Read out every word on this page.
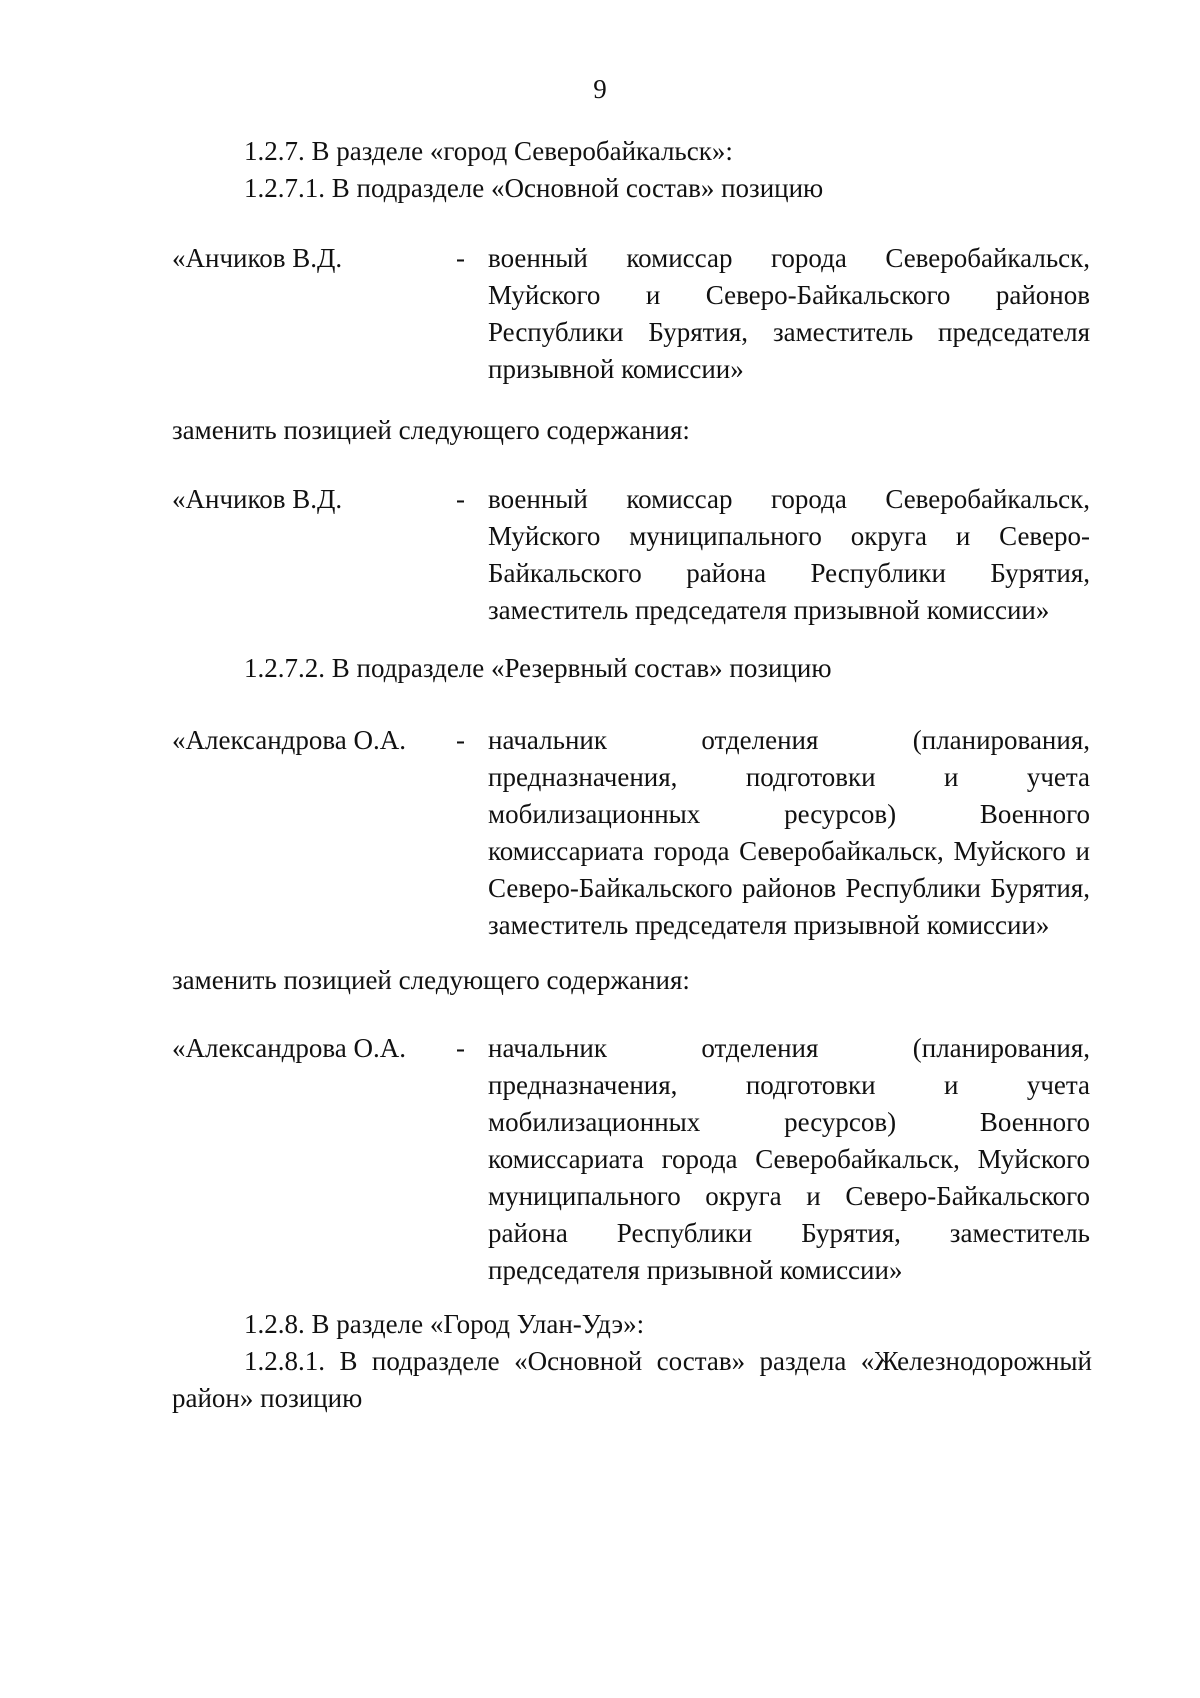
9

1.2.7. В разделе «город Северобайкальск»:

1.2.7.1. В подразделе «Основной состав» позицию

«Анчиков В.Д.	- военный комиссар города Северобайкальск, Муйского и Северо-Байкальского районов Республики Бурятия, заместитель председателя призывной комиссии»

заменить позицией следующего содержания:

«Анчиков В.Д.	- военный комиссар города Северобайкальск, Муйского муниципального округа и Северо-Байкальского района Республики Бурятия, заместитель председателя призывной комиссии»

1.2.7.2. В подразделе «Резервный состав» позицию

«Александрова О.А. - начальник отделения (планирования, предназначения, подготовки и учета мобилизационных ресурсов) Военного комиссариата города Северобайкальск, Муйского и Северо-Байкальского районов Республики Бурятия, заместитель председателя призывной комиссии»

заменить позицией следующего содержания:

«Александрова О.А. - начальник отделения (планирования, предназначения, подготовки и учета мобилизационных ресурсов) Военного комиссариата города Северобайкальск, Муйского муниципального округа и Северо-Байкальского района Республики Бурятия, заместитель председателя призывной комиссии»

1.2.8. В разделе «Город Улан-Удэ»:

1.2.8.1. В подразделе «Основной состав» раздела «Железнодорожный район» позицию
